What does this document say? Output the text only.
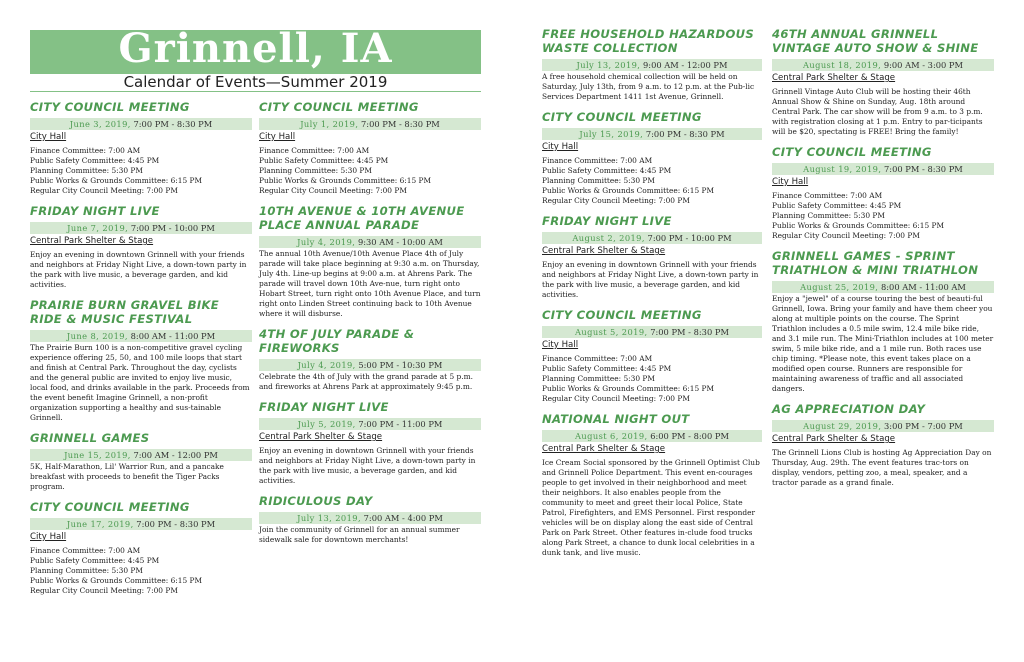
Grinnell, IA
Calendar of Events—Summer 2019
CITY COUNCIL MEETING
June 3, 2019, 7:00 PM - 8:30 PM
City Hall
Finance Committee: 7:00 AM
Public Safety Committee: 4:45 PM
Planning Committee: 5:30 PM
Public Works & Grounds Committee: 6:15 PM
Regular City Council Meeting: 7:00 PM
FRIDAY NIGHT LIVE
June 7, 2019, 7:00 PM - 10:00 PM
Central Park Shelter & Stage
Enjoy an evening in downtown Grinnell with your friends and neighbors at Friday Night Live, a down-town party in the park with live music, a beverage garden, and kid activities.
PRAIRIE BURN GRAVEL BIKE RIDE & MUSIC FESTIVAL
June 8, 2019, 8:00 AM - 11:00 PM
The Prairie Burn 100 is a non-competitive gravel cycling experience offering 25, 50, and 100 mile loops that start and finish at Central Park. Throughout the day, cyclists and the general public are invited to enjoy live music, local food, and drinks available in the park. Proceeds from the event benefit Imagine Grinnell, a non-profit organization supporting a healthy and sus-tainable Grinnell.
GRINNELL GAMES
June 15, 2019, 7:00 AM - 12:00 PM
5K, Half-Marathon, Lil' Warrior Run, and a pancake breakfast with proceeds to benefit the Tiger Packs program.
CITY COUNCIL MEETING
June 17, 2019, 7:00 PM - 8:30 PM
City Hall
Finance Committee: 7:00 AM
Public Safety Committee: 4:45 PM
Planning Committee: 5:30 PM
Public Works & Grounds Committee: 6:15 PM
Regular City Council Meeting: 7:00 PM
CITY COUNCIL MEETING
July 1, 2019, 7:00 PM - 8:30 PM
City Hall
Finance Committee: 7:00 AM
Public Safety Committee: 4:45 PM
Planning Committee: 5:30 PM
Public Works & Grounds Committee: 6:15 PM
Regular City Council Meeting: 7:00 PM
10TH AVENUE & 10TH AVENUE PLACE ANNUAL PARADE
July 4, 2019, 9:30 AM - 10:00 AM
The annual 10th Avenue/10th Avenue Place 4th of July parade will take place beginning at 9:30 a.m. on Thursday, July 4th. Line-up begins at 9:00 a.m. at Ahrens Park. The parade will travel down 10th Ave-nue, turn right onto Hobart Street, turn right onto 10th Avenue Place, and turn right onto Linden Street continuing back to 10th Avenue where it will disburse.
4TH OF JULY PARADE & FIREWORKS
July 4, 2019, 5:00 PM - 10:30 PM
Celebrate the 4th of July with the grand parade at 5 p.m. and fireworks at Ahrens Park at approximately 9:45 p.m.
FRIDAY NIGHT LIVE
July 5, 2019, 7:00 PM - 11:00 PM
Central Park Shelter & Stage
Enjoy an evening in downtown Grinnell with your friends and neighbors at Friday Night Live, a down-town party in the park with live music, a beverage garden, and kid activities.
RIDICULOUS DAY
July 13, 2019, 7:00 AM - 4:00 PM
Join the community of Grinnell for an annual summer sidewalk sale for downtown merchants!
FREE HOUSEHOLD HAZARDOUS WASTE COLLECTION
July 13, 2019, 9:00 AM - 12:00 PM
A free household chemical collection will be held on Saturday, July 13th, from 9 a.m. to 12 p.m. at the Pub-lic Services Department 1411 1st Avenue, Grinnell.
CITY COUNCIL MEETING
July 15, 2019, 7:00 PM - 8:30 PM
City Hall
Finance Committee: 7:00 AM
Public Safety Committee: 4:45 PM
Planning Committee: 5:30 PM
Public Works & Grounds Committee: 6:15 PM
Regular City Council Meeting: 7:00 PM
FRIDAY NIGHT LIVE
August 2, 2019, 7:00 PM - 10:00 PM
Central Park Shelter & Stage
Enjoy an evening in downtown Grinnell with your friends and neighbors at Friday Night Live, a down-town party in the park with live music, a beverage garden, and kid activities.
CITY COUNCIL MEETING
August 5, 2019, 7:00 PM - 8:30 PM
City Hall
Finance Committee: 7:00 AM
Public Safety Committee: 4:45 PM
Planning Committee: 5:30 PM
Public Works & Grounds Committee: 6:15 PM
Regular City Council Meeting: 7:00 PM
NATIONAL NIGHT OUT
August 6, 2019, 6:00 PM - 8:00 PM
Central Park Shelter & Stage
Ice Cream Social sponsored by the Grinnell Optimist Club and Grinnell Police Department. This event en-courages people to get involved in their neighborhood and meet their neighbors. It also enables people from the community to meet and greet their local Police, State Patrol, Firefighters, and EMS Personnel. First responder vehicles will be on display along the east side of Central Park on Park Street. Other features in-clude food trucks along Park Street, a chance to dunk local celebrities in a dunk tank, and live music.
46TH ANNUAL GRINNELL VINTAGE AUTO SHOW & SHINE
August 18, 2019, 9:00 AM - 3:00 PM
Central Park Shelter & Stage
Grinnell Vintage Auto Club will be hosting their 46th Annual Show & Shine on Sunday, Aug. 18th around Central Park. The car show will be from 9 a.m. to 3 p.m. with registration closing at 1 p.m. Entry to par-ticipants will be $20, spectating is FREE! Bring the family!
CITY COUNCIL MEETING
August 19, 2019, 7:00 PM - 8:30 PM
City Hall
Finance Committee: 7:00 AM
Public Safety Committee: 4:45 PM
Planning Committee: 5:30 PM
Public Works & Grounds Committee: 6:15 PM
Regular City Council Meeting: 7:00 PM
GRINNELL GAMES - SPRINT TRIATHLON & MINI TRIATHLON
August 25, 2019, 8:00 AM - 11:00 AM
Enjoy a "jewel" of a course touring the best of beauti-ful Grinnell, Iowa. Bring your family and have them cheer you along at multiple points on the course. The Sprint Triathlon includes a 0.5 mile swim, 12.4 mile bike ride, and 3.1 mile run. The Mini-Triathlon includes at 100 meter swim, 5 mile bike ride, and a 1 mile run. Both races use chip timing. *Please note, this event takes place on a modified open course. Runners are responsible for maintaining awareness of traffic and all associated dangers.
AG APPRECIATION DAY
August 29, 2019, 3:00 PM - 7:00 PM
Central Park Shelter & Stage
The Grinnell Lions Club is hosting Ag Appreciation Day on Thursday, Aug. 29th. The event features trac-tors on display, vendors, petting zoo, a meal, speaker, and a tractor parade as a grand finale.
